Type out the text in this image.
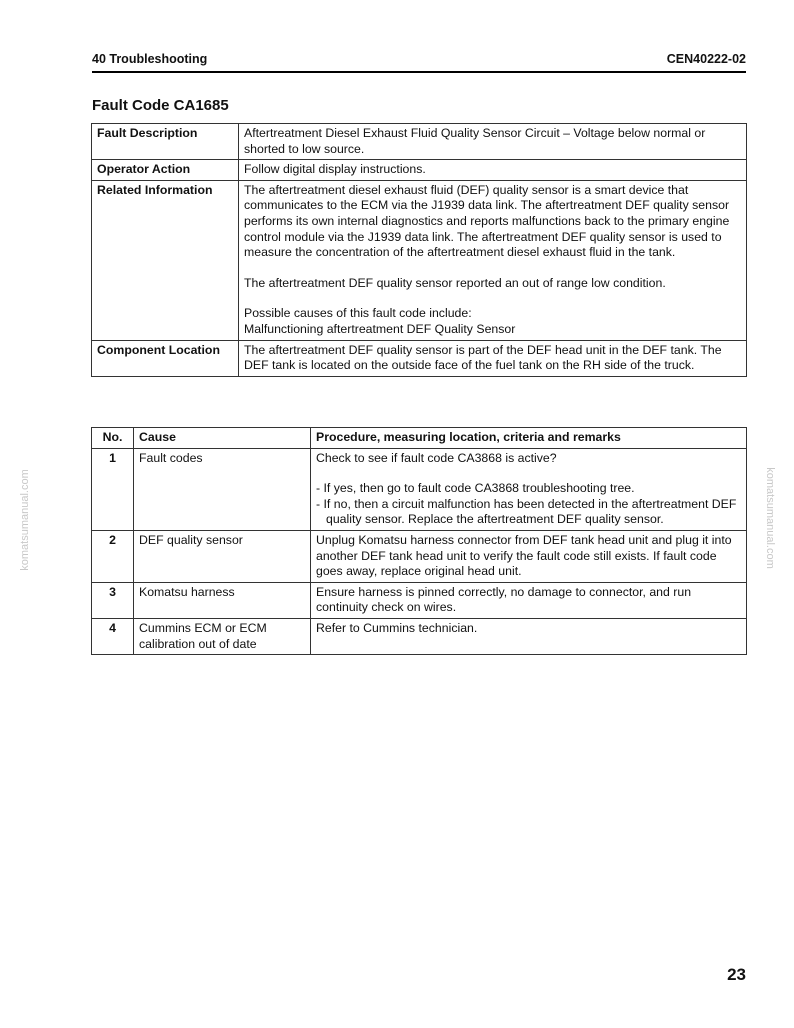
40 Troubleshooting	CEN40222-02
Fault Code CA1685
Fault Description	Aftertreatment Diesel Exhaust Fluid Quality Sensor Circuit – Voltage below normal or shorted to low source.
Operator Action	Follow digital display instructions.
Related Information	The aftertreatment diesel exhaust fluid (DEF) quality sensor is a smart device that communicates to the ECM via the J1939 data link. The aftertreatment DEF quality sensor performs its own internal diagnostics and reports malfunctions back to the primary engine control module via the J1939 data link. The aftertreatment DEF quality sensor is used to measure the concentration of the aftertreatment diesel exhaust fluid in the tank.

The aftertreatment DEF quality sensor reported an out of range low condition.

Possible causes of this fault code include:
Malfunctioning aftertreatment DEF Quality Sensor

Component Location	The aftertreatment DEF quality sensor is part of the DEF head unit in the DEF tank. The DEF tank is located on the outside face of the fuel tank on the RH side of the truck.
No.	Cause	Procedure, measuring location, criteria and remarks
1	Fault codes	Check to see if fault code CA3868 is active?

- If yes, then go to fault code CA3868 troubleshooting tree.
- If no, then a circuit malfunction has been detected in the aftertreatment DEF quality sensor. Replace the aftertreatment DEF quality sensor.

2	DEF quality sensor	Unplug Komatsu harness connector from DEF tank head unit and plug it into another DEF tank head unit to verify the fault code still exists. If fault code goes away, replace original head unit.
3	Komatsu harness	Ensure harness is pinned correctly, no damage to connector, and run continuity check on wires.
4	Cummins ECM or ECM calibration out of date	Refer to Cummins technician.
komatsumanual.com	komatsumanual.com
23
